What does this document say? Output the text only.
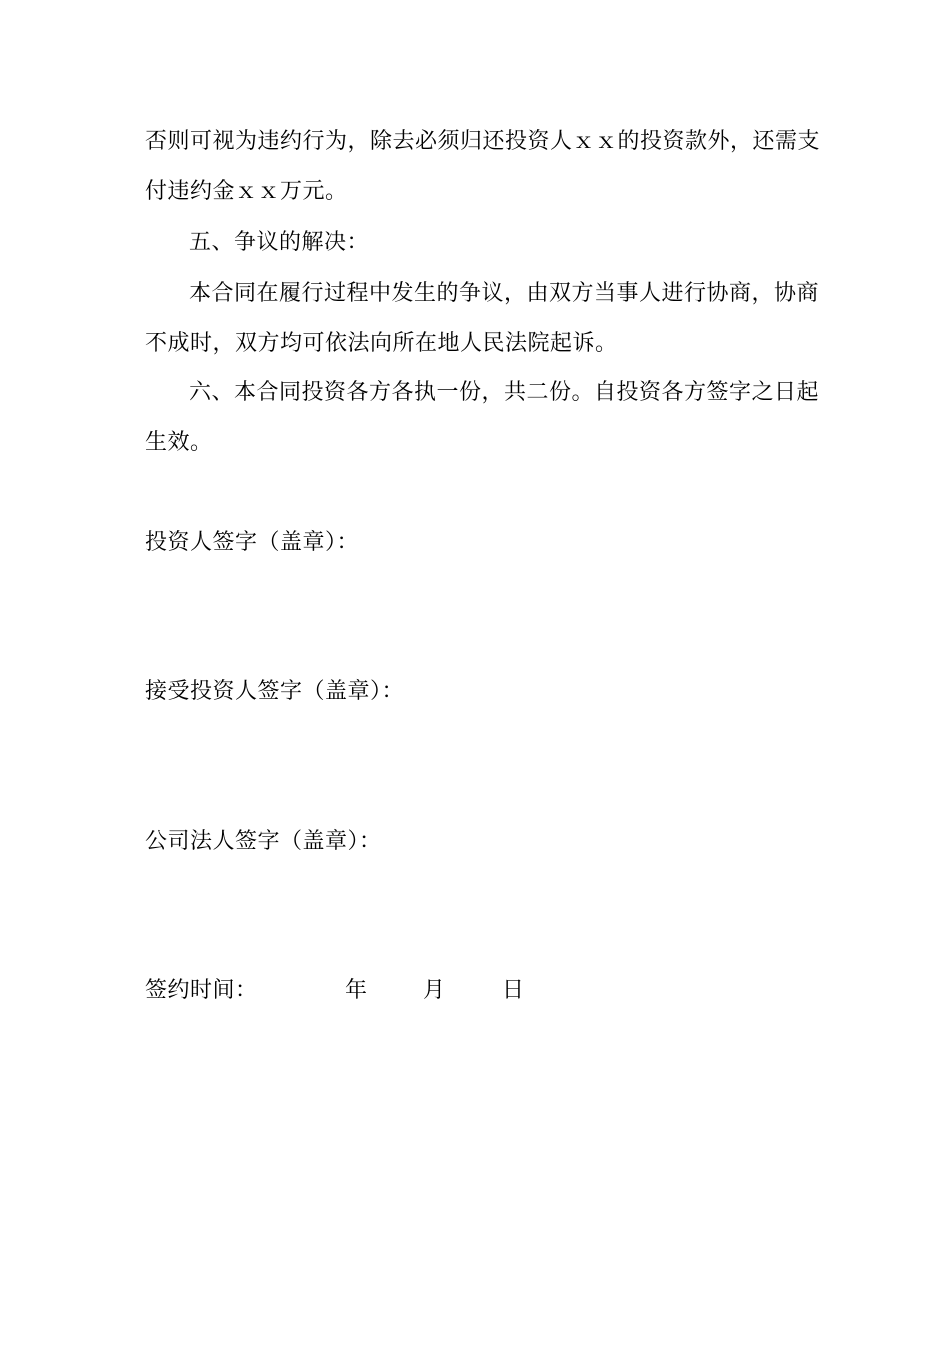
否则可视为违约行为，除去必须归还投资人ｘｘ的投资款外，还需支
付违约金ｘｘ万元。
五、争议的解决：
本合同在履行过程中发生的争议，由双方当事人进行协商，协商
不成时，双方均可依法向所在地人民法院起诉。
六、本合同投资各方各执一份，共二份。自投资各方签字之日起
生效。
投资人签字（盖章）：
接受投资人签字（盖章）：
公司法人签字（盖章）：
签约时间：	年	月	日
